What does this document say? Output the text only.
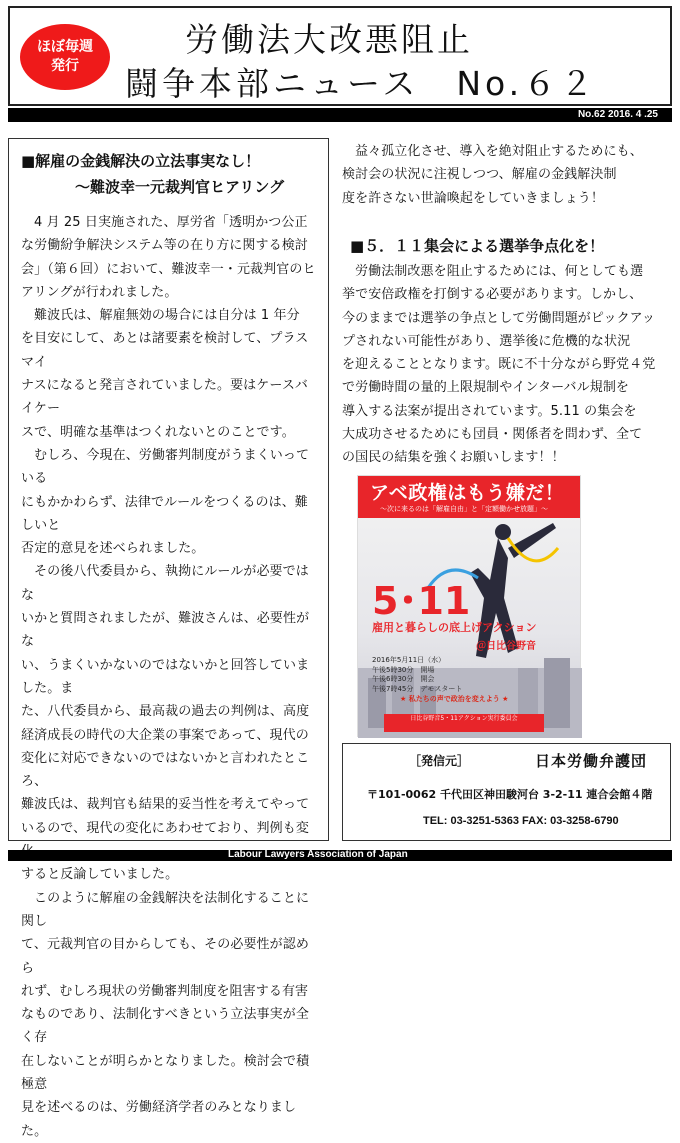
ほぼ毎週
発行
労働法大改悪阻止
闘争本部ニュース　No.６２
No.62 2016. 4 .25
■解雇の金銭解決の立法事実なし！
～難波幸一元裁判官ヒアリング
4 月 25 日実施された、厚労省「透明かつ公正
な労働紛争解決システム等の在り方に関する検討
会」（第６回）において、難波幸一・元裁判官のヒ
アリングが行われました。
難波氏は、解雇無効の場合には自分は 1 年分
を目安にして、あとは諸要素を検討して、プラスマイ
ナスになると発言されていました。要はケースバイケー
スで、明確な基準はつくれないとのことです。
むしろ、今現在、労働審判制度がうまくいっている
にもかかわらず、法律でルールをつくるのは、難しいと
否定的意見を述べられました。
その後八代委員から、執拗にルールが必要ではな
いかと質問されましたが、難波さんは、必要性がな
い、うまくいかないのではないかと回答していました。ま
た、八代委員から、最高裁の過去の判例は、高度
経済成長の時代の大企業の事案であって、現代の
変化に対応できないのではないかと言われたところ、
難波氏は、裁判官も結果的妥当性を考えてやって
いるので、現代の変化にあわせており、判例も変
すると反論していました。
このように解雇の金銭解決を法制化することに関し
て、元裁判官の目からしても、その必要性が認めら
れず、むしろ現状の労働審判制度を阻害する有害
なものであり、法制化すべきという立法事実が全く存
在しないことが明らかとなりました。検討会で積極意
見を述べるのは、労働経済学者のみとなりました。
益々孤立化させ、導入を絶対阻止するためにも、
検討会の状況に注視しつつ、解雇の金銭解決制
度を許さない世論喚起をしていきましょう！
■５．１１集会による選挙争点化を！
労働法制改悪を阻止するためには、何としても選
挙で安倍政権を打倒する必要があります。しかし、
今のままでは選挙の争点として労働問題がピックアッ
プされない可能性があり、選挙後に危機的な状況
を迎えることとなります。既に不十分ながら野党４党
で労働時間の量的上限規制やインターバル規制を
導入する法案が提出されています。5.11 の集会を
大成功させるためにも団員・関係者を問わず、全て
の国民の結集を強くお願いします！！
アベ政権はもう嫌だ！
～次に来るのは「解雇自由」と「定額働かせ放題」～
5･11
雇用と暮らしの底上げアクション
＠日比谷野音
2016年5月11日（水）
午後5時30分　開場
午後6時30分　開会
午後7時45分　デモスタート
★ 私たちの声で政治を変えよう ★
日比谷野音5・11アクション実行委員会
［発信元］	日本労働弁護団
〒101-0062 千代田区神田駿河台 3-2-11 連合会館４階
TEL: 03-3251-5363 FAX: 03-3258-6790
Labour Lawyers Association of Japan
